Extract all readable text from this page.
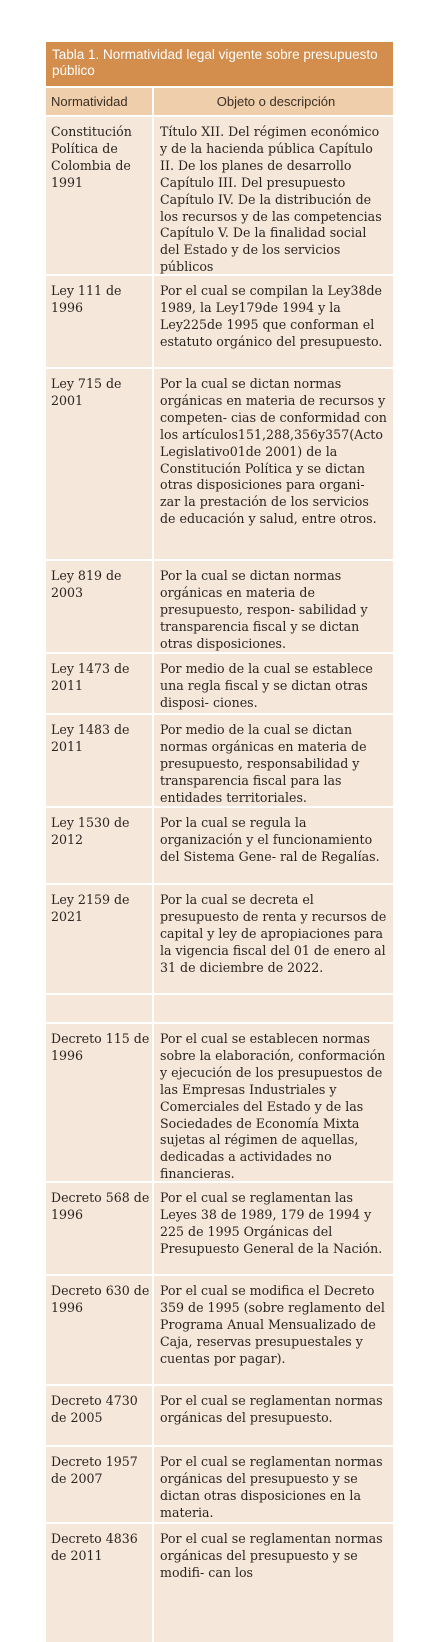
Tabla 1. Normatividad legal vigente sobre presupuesto público
Normatividad	Objeto o descripción
Constitución Política de Colombia de 1991
Título XII. Del régimen económico y de la hacienda pública Capítulo II. De los planes de desarrollo Capítulo III. Del presupuesto Capítulo IV. De la distribución de los recursos y de las competencias Capítulo V. De la finalidad social del Estado y de los servicios públicos
Ley 111 de 1996
Por el cual se compilan la Ley38de 1989, la Ley179de 1994 y la Ley225de 1995 que conforman el estatuto orgánico del presupuesto.
Ley 715 de 2001
Por la cual se dictan normas orgánicas en materia de recursos y competen- cias de conformidad con los artículos151,288,356y357(Acto Legislativo01de 2001) de la Constitución Política y se dictan otras disposiciones para organi- zar la prestación de los servicios de educación y salud, entre otros.
Ley 819 de 2003
Por la cual se dictan normas orgánicas en materia de presupuesto, respon- sabilidad y transparencia fiscal y se dictan otras disposiciones.
Ley 1473 de 2011
Por medio de la cual se establece una regla fiscal y se dictan otras disposi- ciones.
Ley 1483 de 2011
Por medio de la cual se dictan normas orgánicas en materia de presupuesto, responsabilidad y transparencia fiscal para las entidades territoriales.
Ley 1530 de 2012
Por la cual se regula la organización y el funcionamiento del Sistema Gene- ral de Regalías.
Ley 2159 de 2021
Por la cual se decreta el presupuesto de renta y recursos de capital y ley de apropiaciones para la vigencia fiscal del 01 de enero al 31 de diciembre de 2022.
Decreto 115 de 1996
Por el cual se establecen normas sobre la elaboración, conformación y ejecución de los presupuestos de las Empresas Industriales y Comerciales del Estado y de las Sociedades de Economía Mixta sujetas al régimen de aquellas, dedicadas a actividades no financieras.
Decreto 568 de 1996
Por el cual se reglamentan las Leyes 38 de 1989, 179 de 1994 y 225 de 1995 Orgánicas del Presupuesto General de la Nación.
Decreto 630 de 1996
Por el cual se modifica el Decreto 359 de 1995 (sobre reglamento del Programa Anual Mensualizado de Caja, reservas presupuestales y cuentas por pagar).
Decreto 4730 de 2005
Por el cual se reglamentan normas orgánicas del presupuesto.
Decreto 1957 de 2007
Por el cual se reglamentan normas orgánicas del presupuesto y se dictan otras disposiciones en la materia.
Decreto 4836 de 2011
Por el cual se reglamentan normas orgánicas del presupuesto y se modifi- can los
